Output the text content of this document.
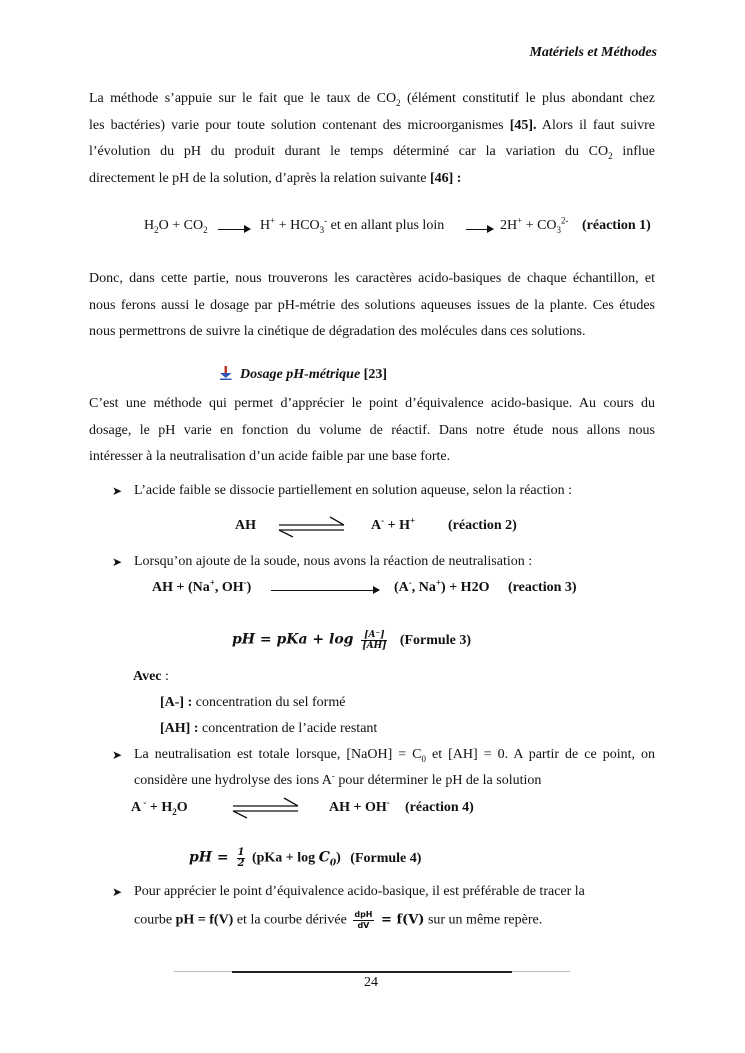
Matériels et Méthodes
La méthode s’appuie sur le fait que le taux de $CO_2$ (élément constitutif le plus abondant chez
les bactéries) varie pour toute solution contenant des microorganismes [45]. Alors il faut suivre
l’évolution du pH du produit durant le temps déterminé car la variation du $CO_2$ influe
directement le pH de la solution, d’après la relation suivante [46] :
$H_2O + CO_2 \to H^+ + HCO_3^-$ et en allant plus loin → $2H^+ + CO_3^{2-}$ (réaction 1)
Donc, dans cette partie, nous trouverons les caractères acido-basiques de chaque échantillon, et
nous ferons aussi le dosage par pH-métrie des solutions aqueuses issues de la plante. Ces études
nous permettrons de suivre la cinétique de dégradation des molécules dans ces solutions.
Dosage pH-métrique [23]
C’est une méthode qui permet d’apprécier le point d’équivalence acido-basique. Au cours du
dosage, le pH varie en fonction du volume de réactif. Dans notre étude nous allons nous
intéresser à la neutralisation d’un acide faible par une base forte.
➤ L’acide faible se dissocie partiellement en solution aqueuse, selon la réaction :
AH	A- + H+ (réaction 2)
➤ Lorsqu’on ajoute de la soude, nous avons la réaction de neutralisation :
AH + (Na+, OH-)	(A-, Na+) + H2O (reaction 3)
pH = pKa + $\log \frac{[A^-]}{[AH]}$ (Formule 3)
Avec :
[A-] : concentration du sel formé
[AH] : concentration de l’acide restant
➤ La neutralisation est totale lorsque, [NaOH] = $C_0$ et [AH] = 0. A partir de ce point, on
considère une hydrolyse des ions A- pour déterminer le pH de la solution
A $^- + H_2O$	AH + OH- (réaction 4)
pH = $\frac{1}{2} (pKa + \log C_0)$ (Formule 4)
➤ Pour apprécier le point d’équivalence acido-basique, il est préférable de tracer la
courbe pH = f(V) et la courbe dérivée $\frac{\text{dpH}}{dV} = f(V)$ sur un même repère.
24
